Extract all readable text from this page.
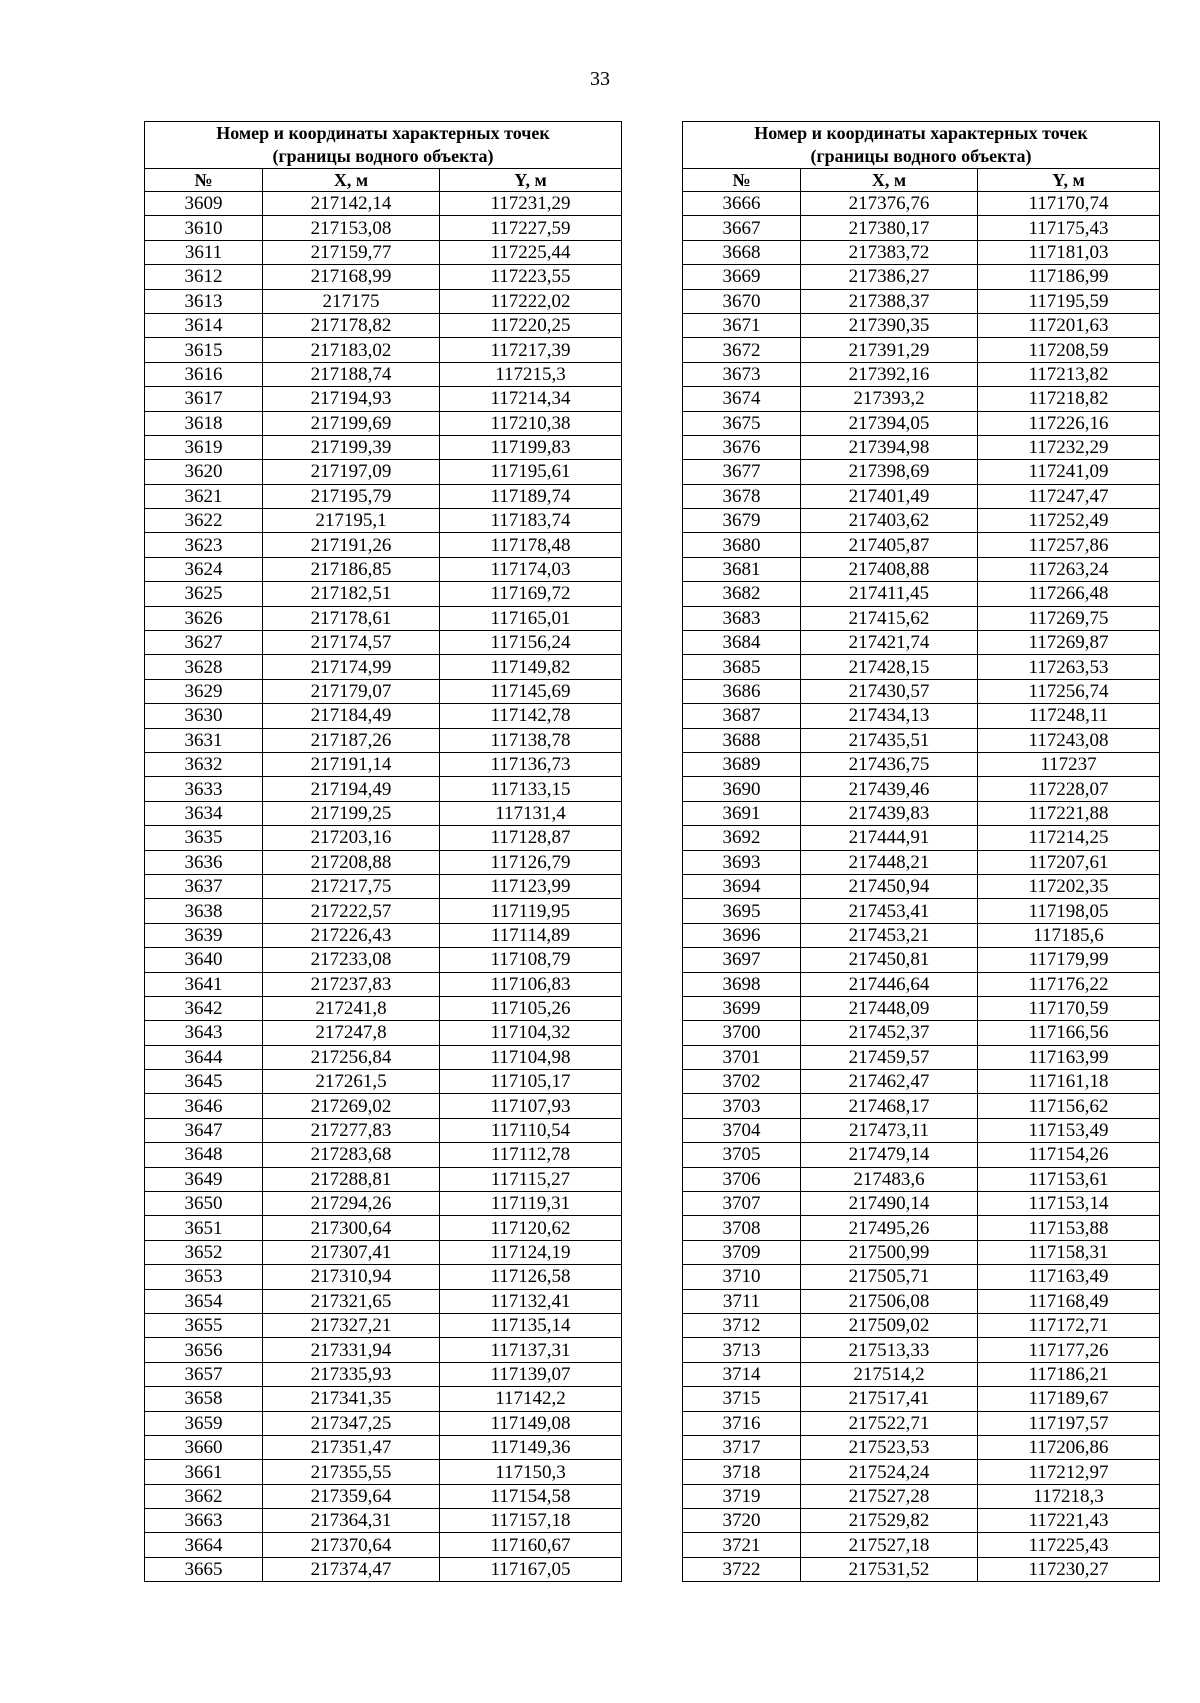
33
Номер и координаты характерных точек
(границы водного объекта)		
№	X, м	Y, м
3609	217142,14	117231,29
3610	217153,08	117227,59
3611	217159,77	117225,44
3612	217168,99	117223,55
3613	217175	117222,02
3614	217178,82	117220,25
3615	217183,02	117217,39
3616	217188,74	117215,3
3617	217194,93	117214,34
3618	217199,69	117210,38
3619	217199,39	117199,83
3620	217197,09	117195,61
3621	217195,79	117189,74
3622	217195,1	117183,74
3623	217191,26	117178,48
3624	217186,85	117174,03
3625	217182,51	117169,72
3626	217178,61	117165,01
3627	217174,57	117156,24
3628	217174,99	117149,82
3629	217179,07	117145,69
3630	217184,49	117142,78
3631	217187,26	117138,78
3632	217191,14	117136,73
3633	217194,49	117133,15
3634	217199,25	117131,4
3635	217203,16	117128,87
3636	217208,88	117126,79
3637	217217,75	117123,99
3638	217222,57	117119,95
3639	217226,43	117114,89
3640	217233,08	117108,79
3641	217237,83	117106,83
3642	217241,8	117105,26
3643	217247,8	117104,32
3644	217256,84	117104,98
3645	217261,5	117105,17
3646	217269,02	117107,93
3647	217277,83	117110,54
3648	217283,68	117112,78
3649	217288,81	117115,27
3650	217294,26	117119,31
3651	217300,64	117120,62
3652	217307,41	117124,19
3653	217310,94	117126,58
3654	217321,65	117132,41
3655	217327,21	117135,14
3656	217331,94	117137,31
3657	217335,93	117139,07
3658	217341,35	117142,2
3659	217347,25	117149,08
3660	217351,47	117149,36
3661	217355,55	117150,3
3662	217359,64	117154,58
3663	217364,31	117157,18
3664	217370,64	117160,67
3665	217374,47	117167,05
Номер и координаты характерных точек
(границы водного объекта)		
№	X, м	Y, м
3666	217376,76	117170,74
3667	217380,17	117175,43
3668	217383,72	117181,03
3669	217386,27	117186,99
3670	217388,37	117195,59
3671	217390,35	117201,63
3672	217391,29	117208,59
3673	217392,16	117213,82
3674	217393,2	117218,82
3675	217394,05	117226,16
3676	217394,98	117232,29
3677	217398,69	117241,09
3678	217401,49	117247,47
3679	217403,62	117252,49
3680	217405,87	117257,86
3681	217408,88	117263,24
3682	217411,45	117266,48
3683	217415,62	117269,75
3684	217421,74	117269,87
3685	217428,15	117263,53
3686	217430,57	117256,74
3687	217434,13	117248,11
3688	217435,51	117243,08
3689	217436,75	117237
3690	217439,46	117228,07
3691	217439,83	117221,88
3692	217444,91	117214,25
3693	217448,21	117207,61
3694	217450,94	117202,35
3695	217453,41	117198,05
3696	217453,21	117185,6
3697	217450,81	117179,99
3698	217446,64	117176,22
3699	217448,09	117170,59
3700	217452,37	117166,56
3701	217459,57	117163,99
3702	217462,47	117161,18
3703	217468,17	117156,62
3704	217473,11	117153,49
3705	217479,14	117154,26
3706	217483,6	117153,61
3707	217490,14	117153,14
3708	217495,26	117153,88
3709	217500,99	117158,31
3710	217505,71	117163,49
3711	217506,08	117168,49
3712	217509,02	117172,71
3713	217513,33	117177,26
3714	217514,2	117186,21
3715	217517,41	117189,67
3716	217522,71	117197,57
3717	217523,53	117206,86
3718	217524,24	117212,97
3719	217527,28	117218,3
3720	217529,82	117221,43
3721	217527,18	117225,43
3722	217531,52	117230,27
